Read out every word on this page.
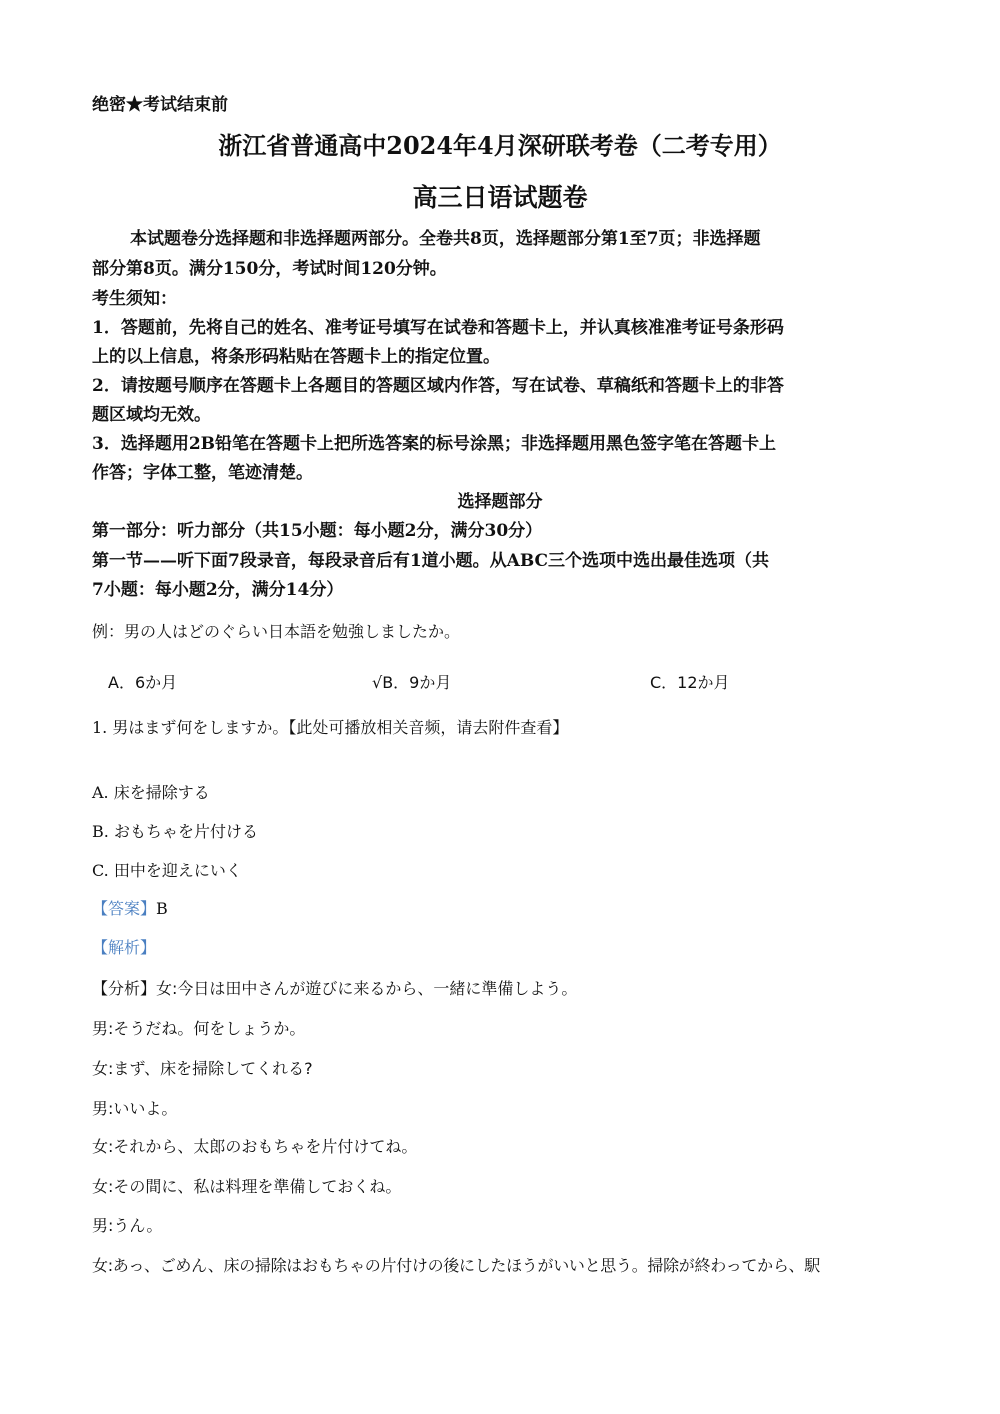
绝密★考试结束前
浙江省普通高中2024年4月深研联考卷（二考专用）
高三日语试题卷
本试题卷分选择题和非选择题两部分。全卷共8页，选择题部分第1至7页；非选择题
部分第8页。满分150分，考试时间120分钟。
考生须知：
1．答题前，先将自己的姓名、准考证号填写在试卷和答题卡上，并认真核准准考证号条形码
上的以上信息，将条形码粘贴在答题卡上的指定位置。
2．请按题号顺序在答题卡上各题目的答题区域内作答，写在试卷、草稿纸和答题卡上的非答
题区域均无效。
3．选择题用2B铅笔在答题卡上把所选答案的标号涂黑；非选择题用黑色签字笔在答题卡上
作答；字体工整，笔迹清楚。
选择题部分
第一部分：听力部分（共15小题：每小题2分，满分30分）
第一节——听下面7段录音，每段录音后有1道小题。从ABC三个选项中选出最佳选项（共
7小题：每小题2分，满分14分）
例：男の人はどのぐらい日本語を勉強しましたか。
A．6か月	√B．9か月	C．12か月
1. 男はまず何をしますか。【此处可播放相关音频，请去附件查看】
A. 床を掃除する
B. おもちゃを片付ける
C. 田中を迎えにいく
【答案】B
【解析】
【分析】女:今日は田中さんが遊びに来るから、一緒に準備しよう。
男:そうだね。何をしょうか。
女:まず、床を掃除してくれる?
男:いいよ。
女:それから、太郎のおもちゃを片付けてね。
女:その間に、私は料理を準備しておくね。
男:うん。
女:あっ、ごめん、床の掃除はおもちゃの片付けの後にしたほうがいいと思う。掃除が終わってから、駅
